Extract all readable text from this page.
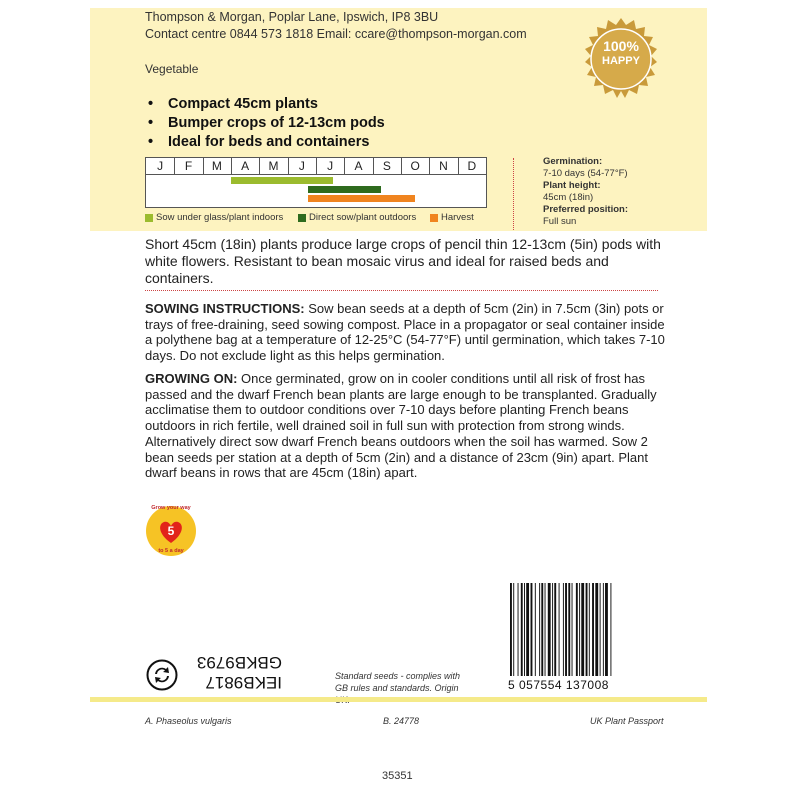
Thompson & Morgan, Poplar Lane, Ipswich, IP8 3BU
Contact centre 0844 573 1818 Email: ccare@thompson-morgan.com
Vegetable
100%
HAPPY
•	Compact 45cm plants
•	Bumper crops of 12-13cm pods
•	Ideal for beds and containers
J	F	M	A	M	J	J	A	S	O	N	D
Sow under glass/plant indoors	Direct sow/plant outdoors	Harvest
Germination:
7-10 days (54-77°F)
Plant height:
45cm (18in)
Preferred position:
Full sun
Short 45cm (18in) plants produce large crops of pencil thin 12-13cm (5in) pods with white flowers. Resistant to bean mosaic virus and ideal for raised beds and containers.
SOWING INSTRUCTIONS: Sow bean seeds at a depth of 5cm (2in) in 7.5cm (3in) pots or trays of free-draining, seed sowing compost. Place in a propagator or seal container inside a polythene bag at a temperature of 12-25°C (54-77°F) until germination, which takes 7-10 days. Do not exclude light as this helps germination.
GROWING ON: Once germinated, grow on in cooler conditions until all risk of frost has passed and the dwarf French bean plants are large enough to be transplanted. Gradually acclimatise them to outdoor conditions over 7-10 days before planting French beans outdoors in rich fertile, well drained soil in full sun with protection from strong winds. Alternatively direct sow dwarf French beans outdoors when the soil has warmed. Sow 2 bean seeds per station at a depth of 5cm (2in) and a distance of 23cm (9in) apart. Plant dwarf beans in rows that are 45cm (18in) apart.
5
Grow your way
to 5 a day
IEKB9817
GBKB9793
Standard seeds - complies with GB rules and standards. Origin	5 057554 137008
A. Phaseolus vulgaris	B. 24778	UK Plant Passport
35351
